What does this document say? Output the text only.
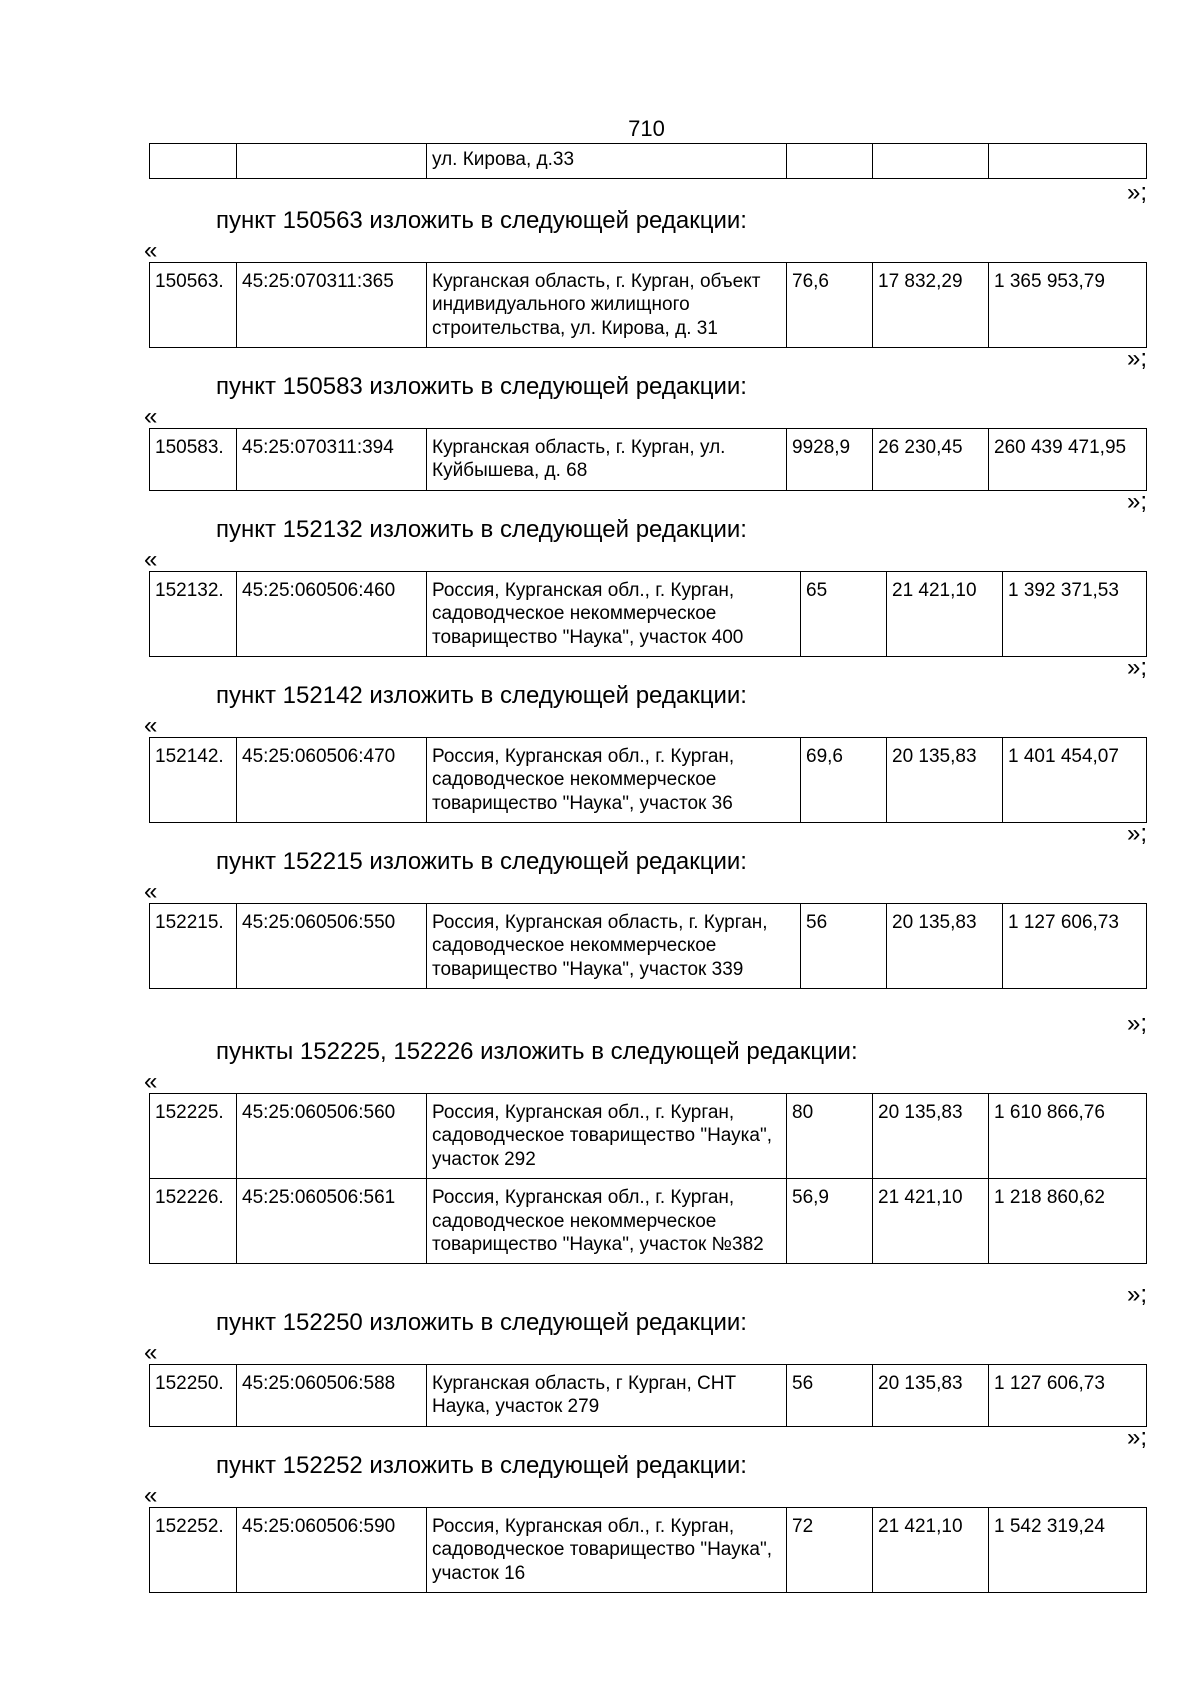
710
		ул. Кирова, д.33			
»;
пункт 150563 изложить в следующей редакции:
«
150563.	45:25:070311:365	Курганская область, г. Курган, объект индивидуального жилищного строительства, ул. Кирова, д. 31	76,6	17 832,29	1 365 953,79
»;
пункт 150583 изложить в следующей редакции:
«
150583.	45:25:070311:394	Курганская область, г. Курган, ул. Куйбышева, д. 68	9928,9	26 230,45	260 439 471,95
»;
пункт 152132 изложить в следующей редакции:
«
152132.	45:25:060506:460	Россия, Курганская обл., г. Курган, садоводческое некоммерческое товарищество "Наука", участок 400	65	21 421,10	1 392 371,53
»;
пункт 152142 изложить в следующей редакции:
«
152142.	45:25:060506:470	Россия, Курганская обл., г. Курган, садоводческое некоммерческое товарищество "Наука", участок 36	69,6	20 135,83	1 401 454,07
»;
пункт 152215 изложить в следующей редакции:
«
152215.	45:25:060506:550	Россия, Курганская область, г. Курган, садоводческое некоммерческое товарищество "Наука", участок 339	56	20 135,83	1 127 606,73
»;
пункты 152225, 152226 изложить в следующей редакции:
«
152225.	45:25:060506:560	Россия, Курганская обл., г. Курган, садоводческое товарищество "Наука", участок 292	80	20 135,83	1 610 866,76
152226.	45:25:060506:561	Россия, Курганская обл., г. Курган, садоводческое некоммерческое товарищество "Наука", участок №382	56,9	21 421,10	1 218 860,62
»;
пункт 152250 изложить в следующей редакции:
«
152250.	45:25:060506:588	Курганская область, г Курган, СНТ Наука, участок 279	56	20 135,83	1 127 606,73
»;
пункт 152252 изложить в следующей редакции:
«
152252.	45:25:060506:590	Россия, Курганская обл., г. Курган, садоводческое товарищество "Наука", участок 16	72	21 421,10	1 542 319,24
